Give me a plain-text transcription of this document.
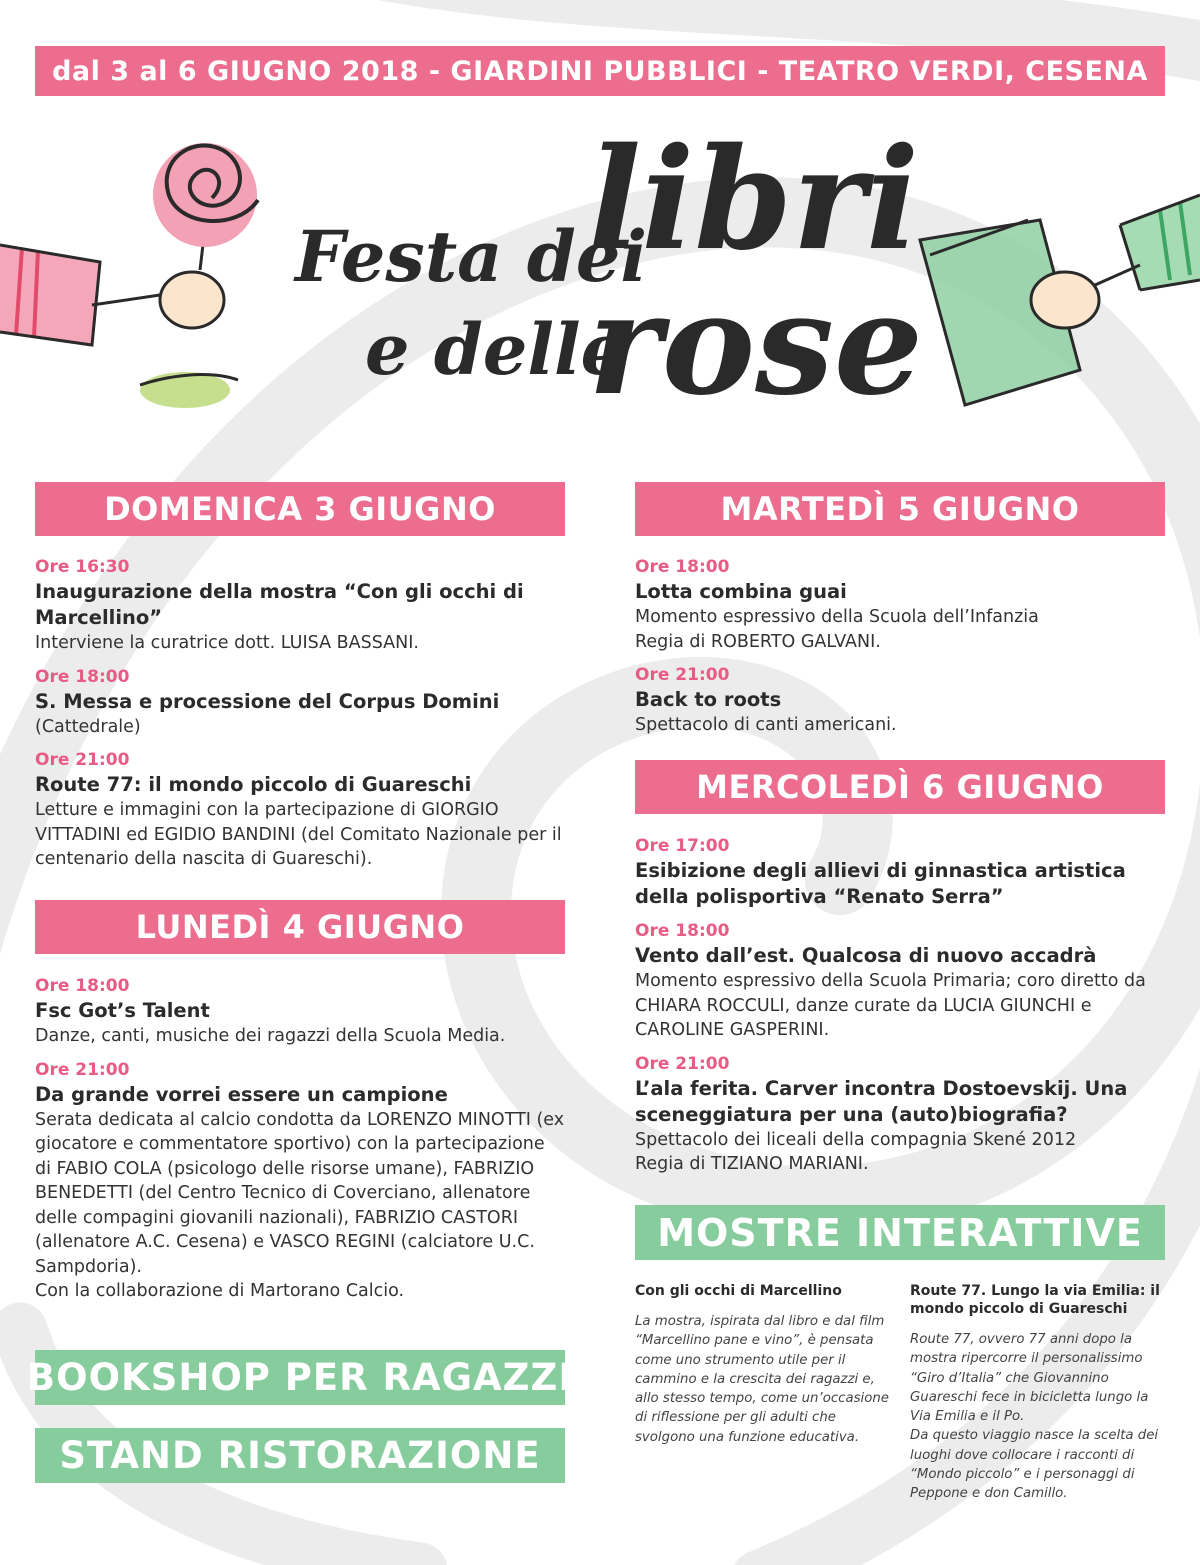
dal 3 al 6 GIUGNO 2018 - GIARDINI PUBBLICI - TEATRO VERDI, CESENA
Festa dei
libri
e delle
rose
DOMENICA 3 GIUGNO
Ore 16:30
Inaugurazione della mostra “Con gli occhi di Marcellino”
Interviene la curatrice dott. LUISA BASSANI.
Ore 18:00
S. Messa e processione del Corpus Domini
(Cattedrale)
Ore 21:00
Route 77: il mondo piccolo di Guareschi
Letture e immagini con la partecipazione di GIORGIO VITTADINI ed EGIDIO BANDINI (del Comitato Nazionale per il centenario della nascita di Guareschi).
LUNEDÌ 4 GIUGNO
Ore 18:00
Fsc Got’s Talent
Danze, canti, musiche dei ragazzi della Scuola Media.
Ore 21:00
Da grande vorrei essere un campione
Serata dedicata al calcio condotta da LORENZO MINOTTI (ex giocatore e commentatore sportivo) con la partecipazione di FABIO COLA (psicologo delle risorse umane), FABRIZIO BENEDETTI (del Centro Tecnico di Coverciano, allenatore delle compagini giovanili nazionali), FABRIZIO CASTORI (allenatore A.C. Cesena) e VASCO REGINI (calciatore U.C. Sampdoria).
Con la collaborazione di Martorano Calcio.
MARTEDÌ 5 GIUGNO
Ore 18:00
Lotta combina guai
Momento espressivo della Scuola dell’Infanzia
Regia di ROBERTO GALVANI.
Ore 21:00
Back to roots
Spettacolo di canti americani.
MERCOLEDÌ 6 GIUGNO
Ore 17:00
Esibizione degli allievi di ginnastica artistica della polisportiva “Renato Serra”
Ore 18:00
Vento dall’est. Qualcosa di nuovo accadrà
Momento espressivo della Scuola Primaria; coro diretto da CHIARA ROCCULI, danze curate da LUCIA GIUNCHI e CAROLINE GASPERINI.
Ore 21:00
L’ala ferita. Carver incontra Dostoevskij. Una sceneggiatura per una (auto)biografia?
Spettacolo dei liceali della compagnia Skené 2012
Regia di TIZIANO MARIANI.
MOSTRE INTERATTIVE
Con gli occhi di Marcellino
La mostra, ispirata dal libro e dal film “Marcellino pane e vino”, è pensata come uno strumento utile per il cammino e la crescita dei ragazzi e, allo stesso tempo, come un’occasione di riflessione per gli adulti che svolgono una funzione educativa.
Route 77. Lungo la via Emilia: il mondo piccolo di Guareschi
Route 77, ovvero 77 anni dopo la mostra ripercorre il personalissimo “Giro d’Italia” che Giovannino Guareschi fece in bicicletta lungo la Via Emilia e il Po.
Da questo viaggio nasce la scelta dei luoghi dove collocare i racconti di “Mondo piccolo” e i personaggi di Peppone e don Camillo.
BOOKSHOP PER RAGAZZI
STAND RISTORAZIONE
